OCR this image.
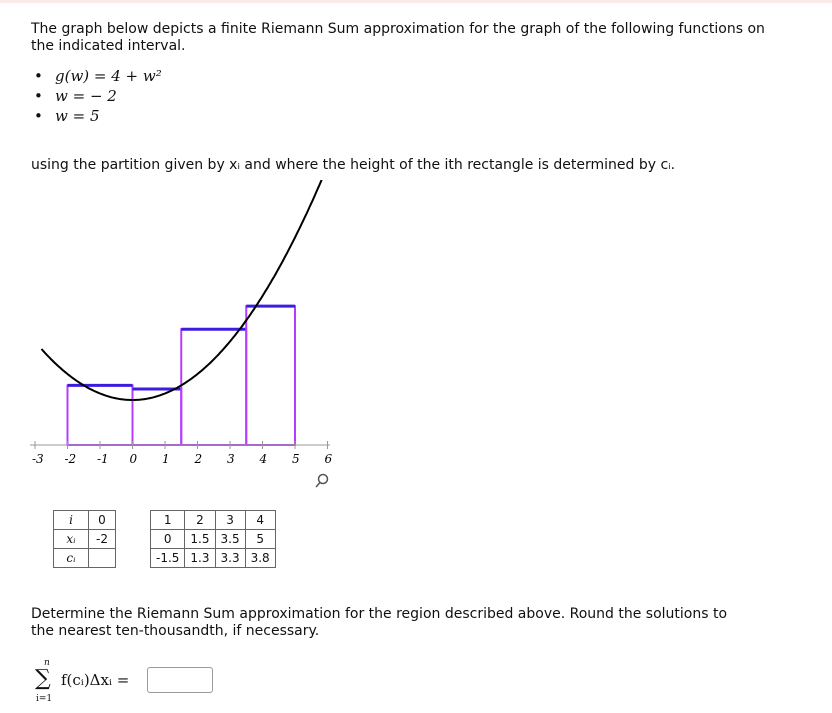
The graph below depicts a finite Riemann Sum approximation for the graph of the following functions on the indicated interval.
• g(w) = 4 + w²
• w = − 2
• w = 5
using the partition given by xᵢ and where the height of the ith rectangle is determined by cᵢ.
-3 -2 -1 0 1 2 3 4 5 6
i	0		1	2	3	4
xᵢ	-2		0	1.5	3.5	5
cᵢ			-1.5	1.3	3.3	3.8
Determine the Riemann Sum approximation for the region described above. Round the solutions to the nearest ten-thousandth, if necessary.
n
∑
i=1
f(cᵢ)Δxᵢ =
